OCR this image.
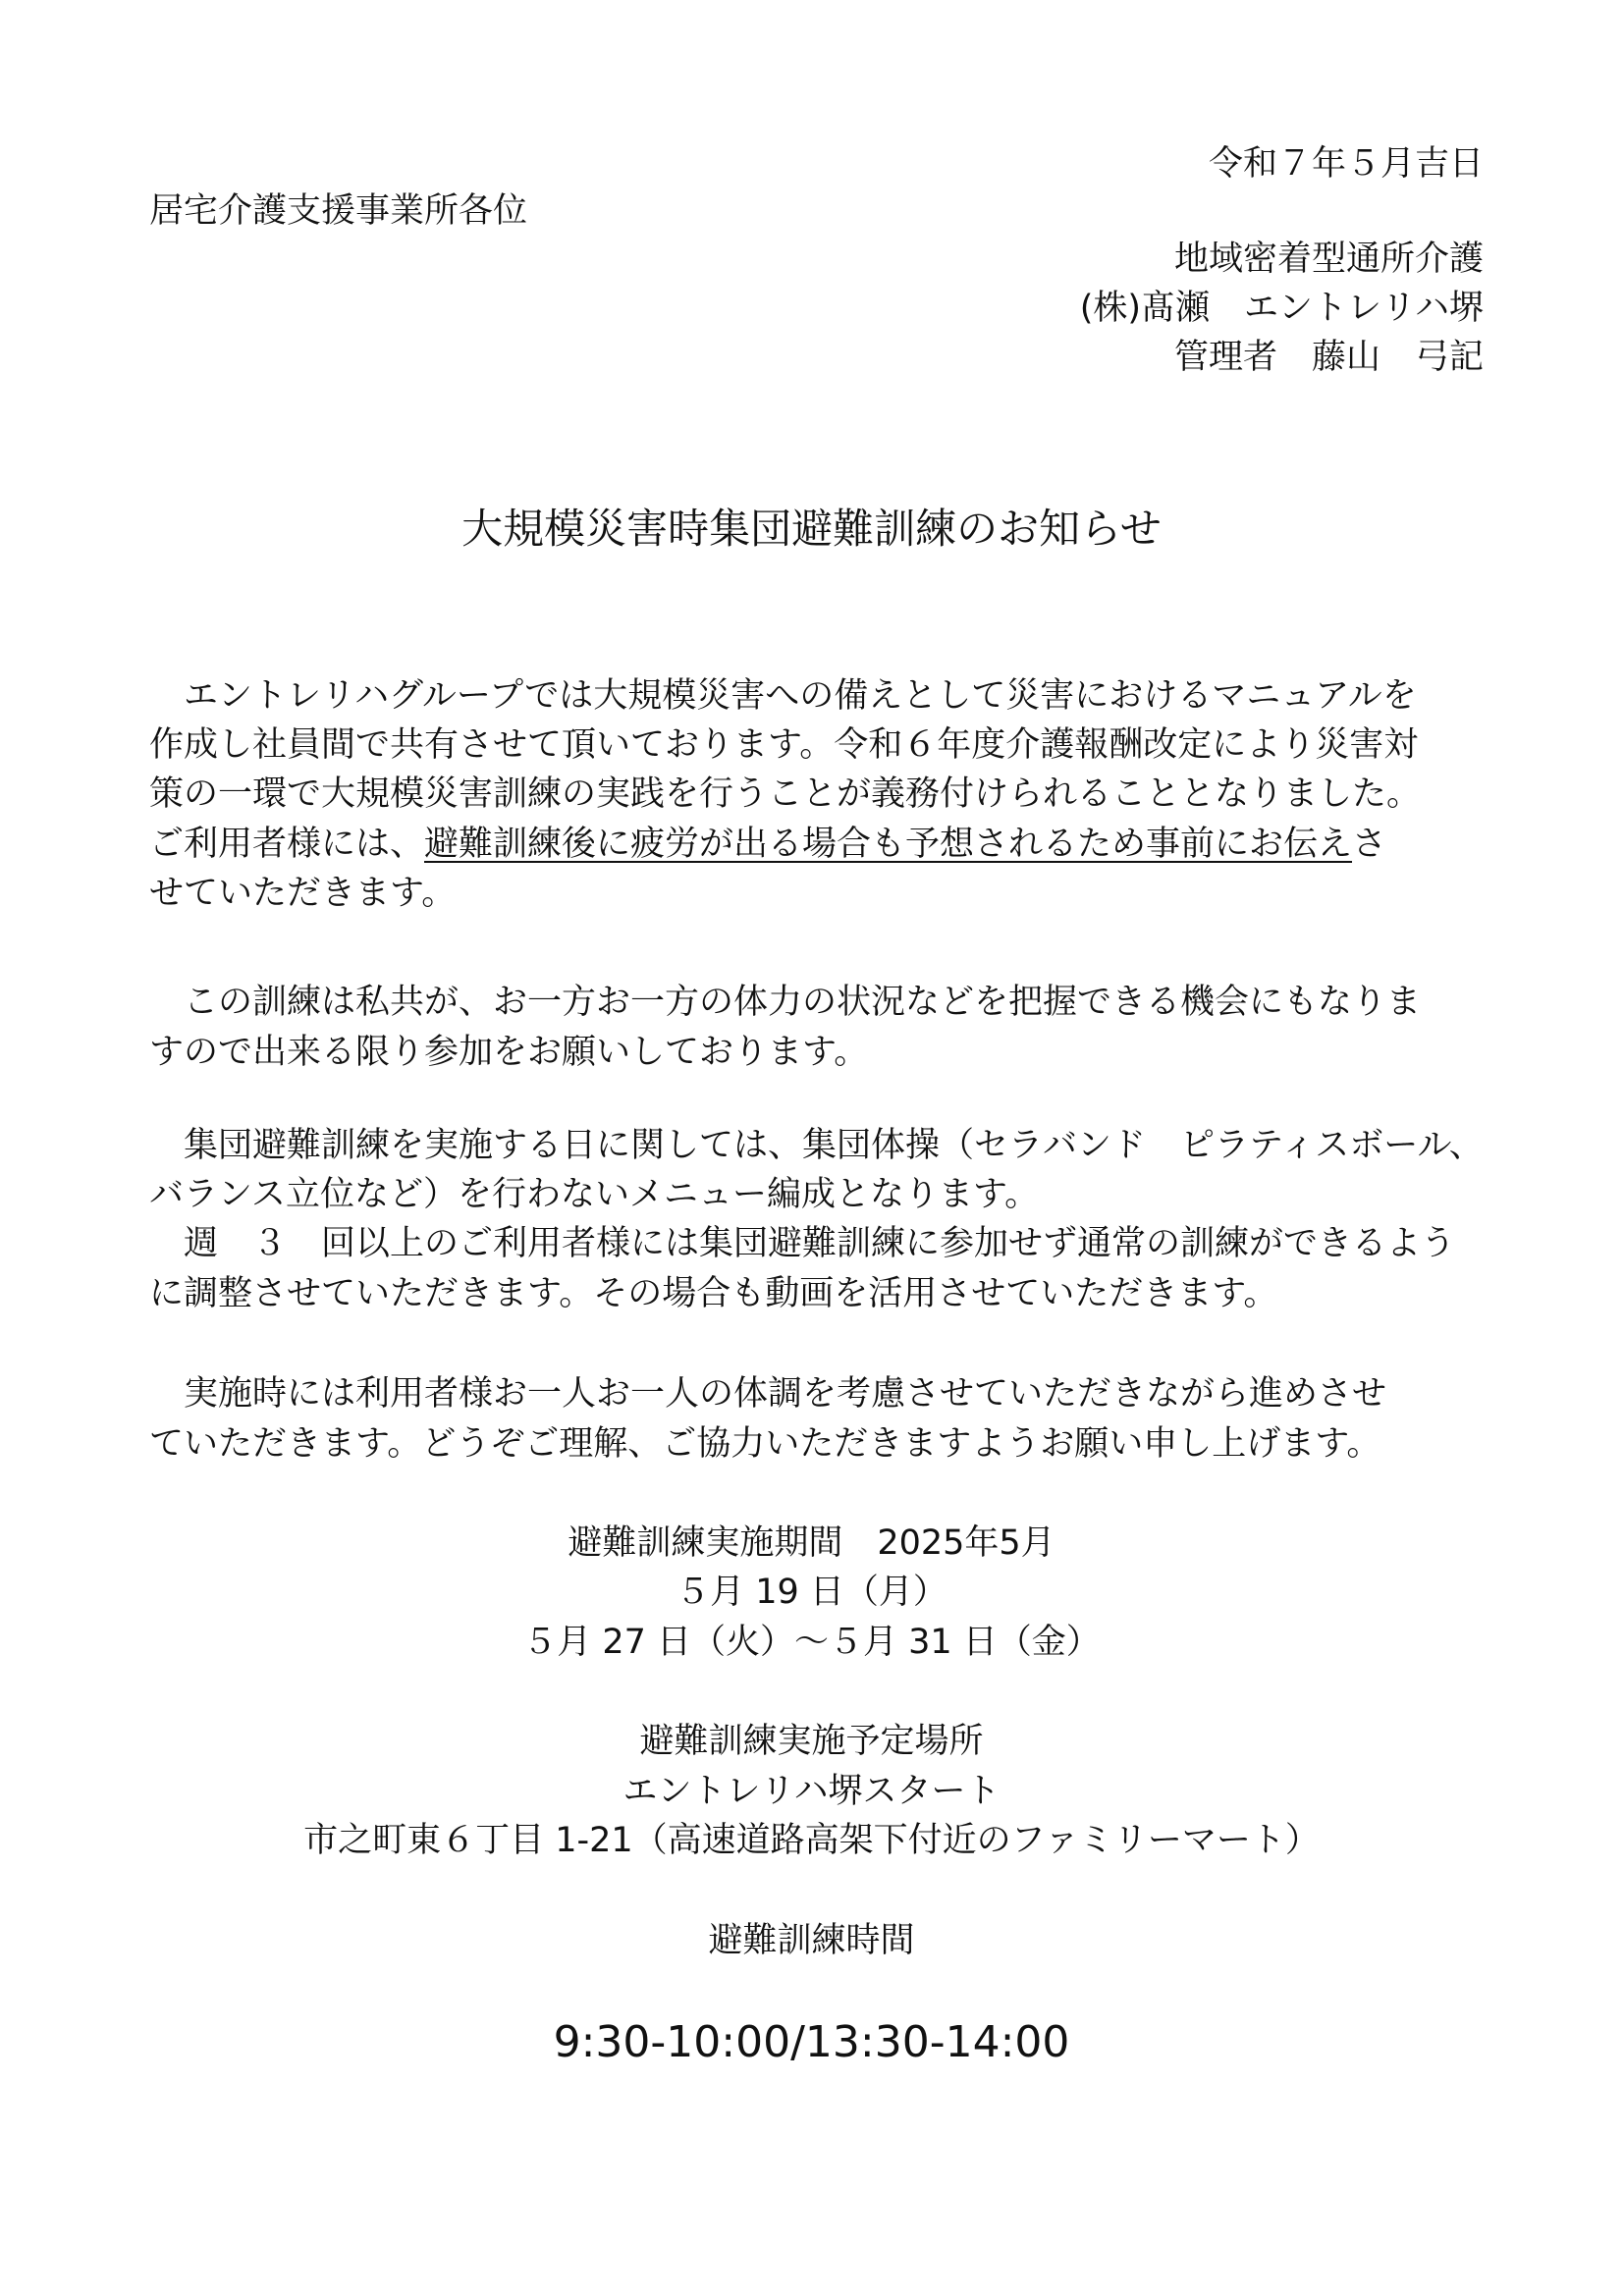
令和７年５月吉日
居宅介護支援事業所各位
地域密着型通所介護
(株)髙瀬　エントレリハ堺
管理者　藤山　弓記
大規模災害時集団避難訓練のお知らせ
エントレリハグループでは大規模災害への備えとして災害におけるマニュアルを
作成し社員間で共有させて頂いております。令和６年度介護報酬改定により災害対
策の一環で大規模災害訓練の実践を行うことが義務付けられることとなりました。
ご利用者様には、避難訓練後に疲労が出る場合も予想されるため事前にお伝えさ
せていただきます。
この訓練は私共が、お一方お一方の体力の状況などを把握できる機会にもなりま
すので出来る限り参加をお願いしております。
集団避難訓練を実施する日に関しては、集団体操（セラバンド　ピラティスボール、
バランス立位など）を行わないメニュー編成となります。
週　３　回以上のご利用者様には集団避難訓練に参加せず通常の訓練ができるよう
に調整させていただきます。その場合も動画を活用させていただきます。
実施時には利用者様お一人お一人の体調を考慮させていただきながら進めさせ
ていただきます。どうぞご理解、ご協力いただきますようお願い申し上げます。
避難訓練実施期間　2025年5月
５月 19 日（月）
５月 27 日（火）～５月 31 日（金）
避難訓練実施予定場所
エントレリハ堺スタート
市之町東６丁目 1-21（高速道路高架下付近のファミリーマート）
避難訓練時間
9:30-10:00/13:30-14:00
